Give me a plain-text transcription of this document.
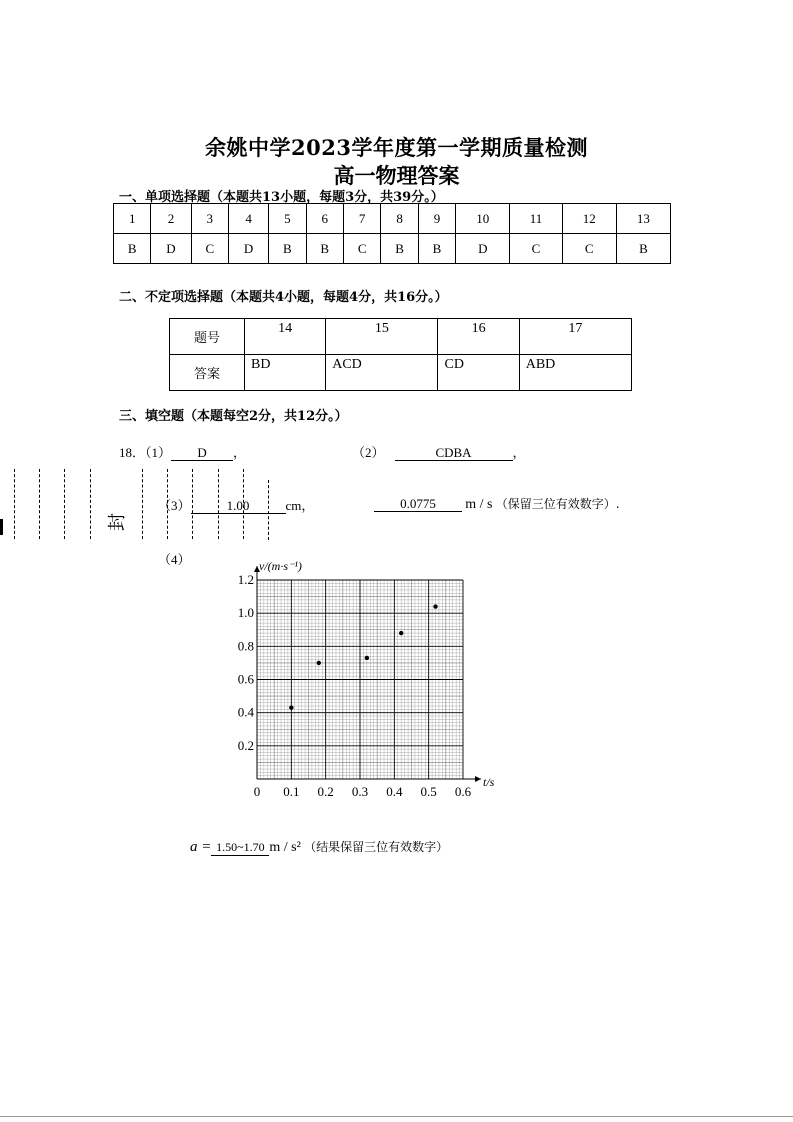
余姚中学2023学年度第一学期质量检测
高一物理答案
一、单项选择题（本题共13小题，每题3分，共39分。）
1	2	3	4	5	6	7	8	9	10	11	12	13
B	D	C	D	B	B	C	B	B	D	C	C	B
二、不定项选择题（本题共4小题，每题4分，共16分。）
题号	14	15	16	17
答案	BD	ACD	CD	ABD
三、填空题（本题每空2分，共12分。）
18．（1） D ，	（2）	CDBA	，
（3）	1.00	cm，	0.0775 m / s （保留三位有效数字）.
（4）
封
0 0.1 0.2 0.3 0.4 0.5 0.6
0.2
0.4
0.6
0.8
1.0
1.2
v/(m·s⁻¹)
t/s
a = 1.50~1.70 m / s² （结果保留三位有效数字）
